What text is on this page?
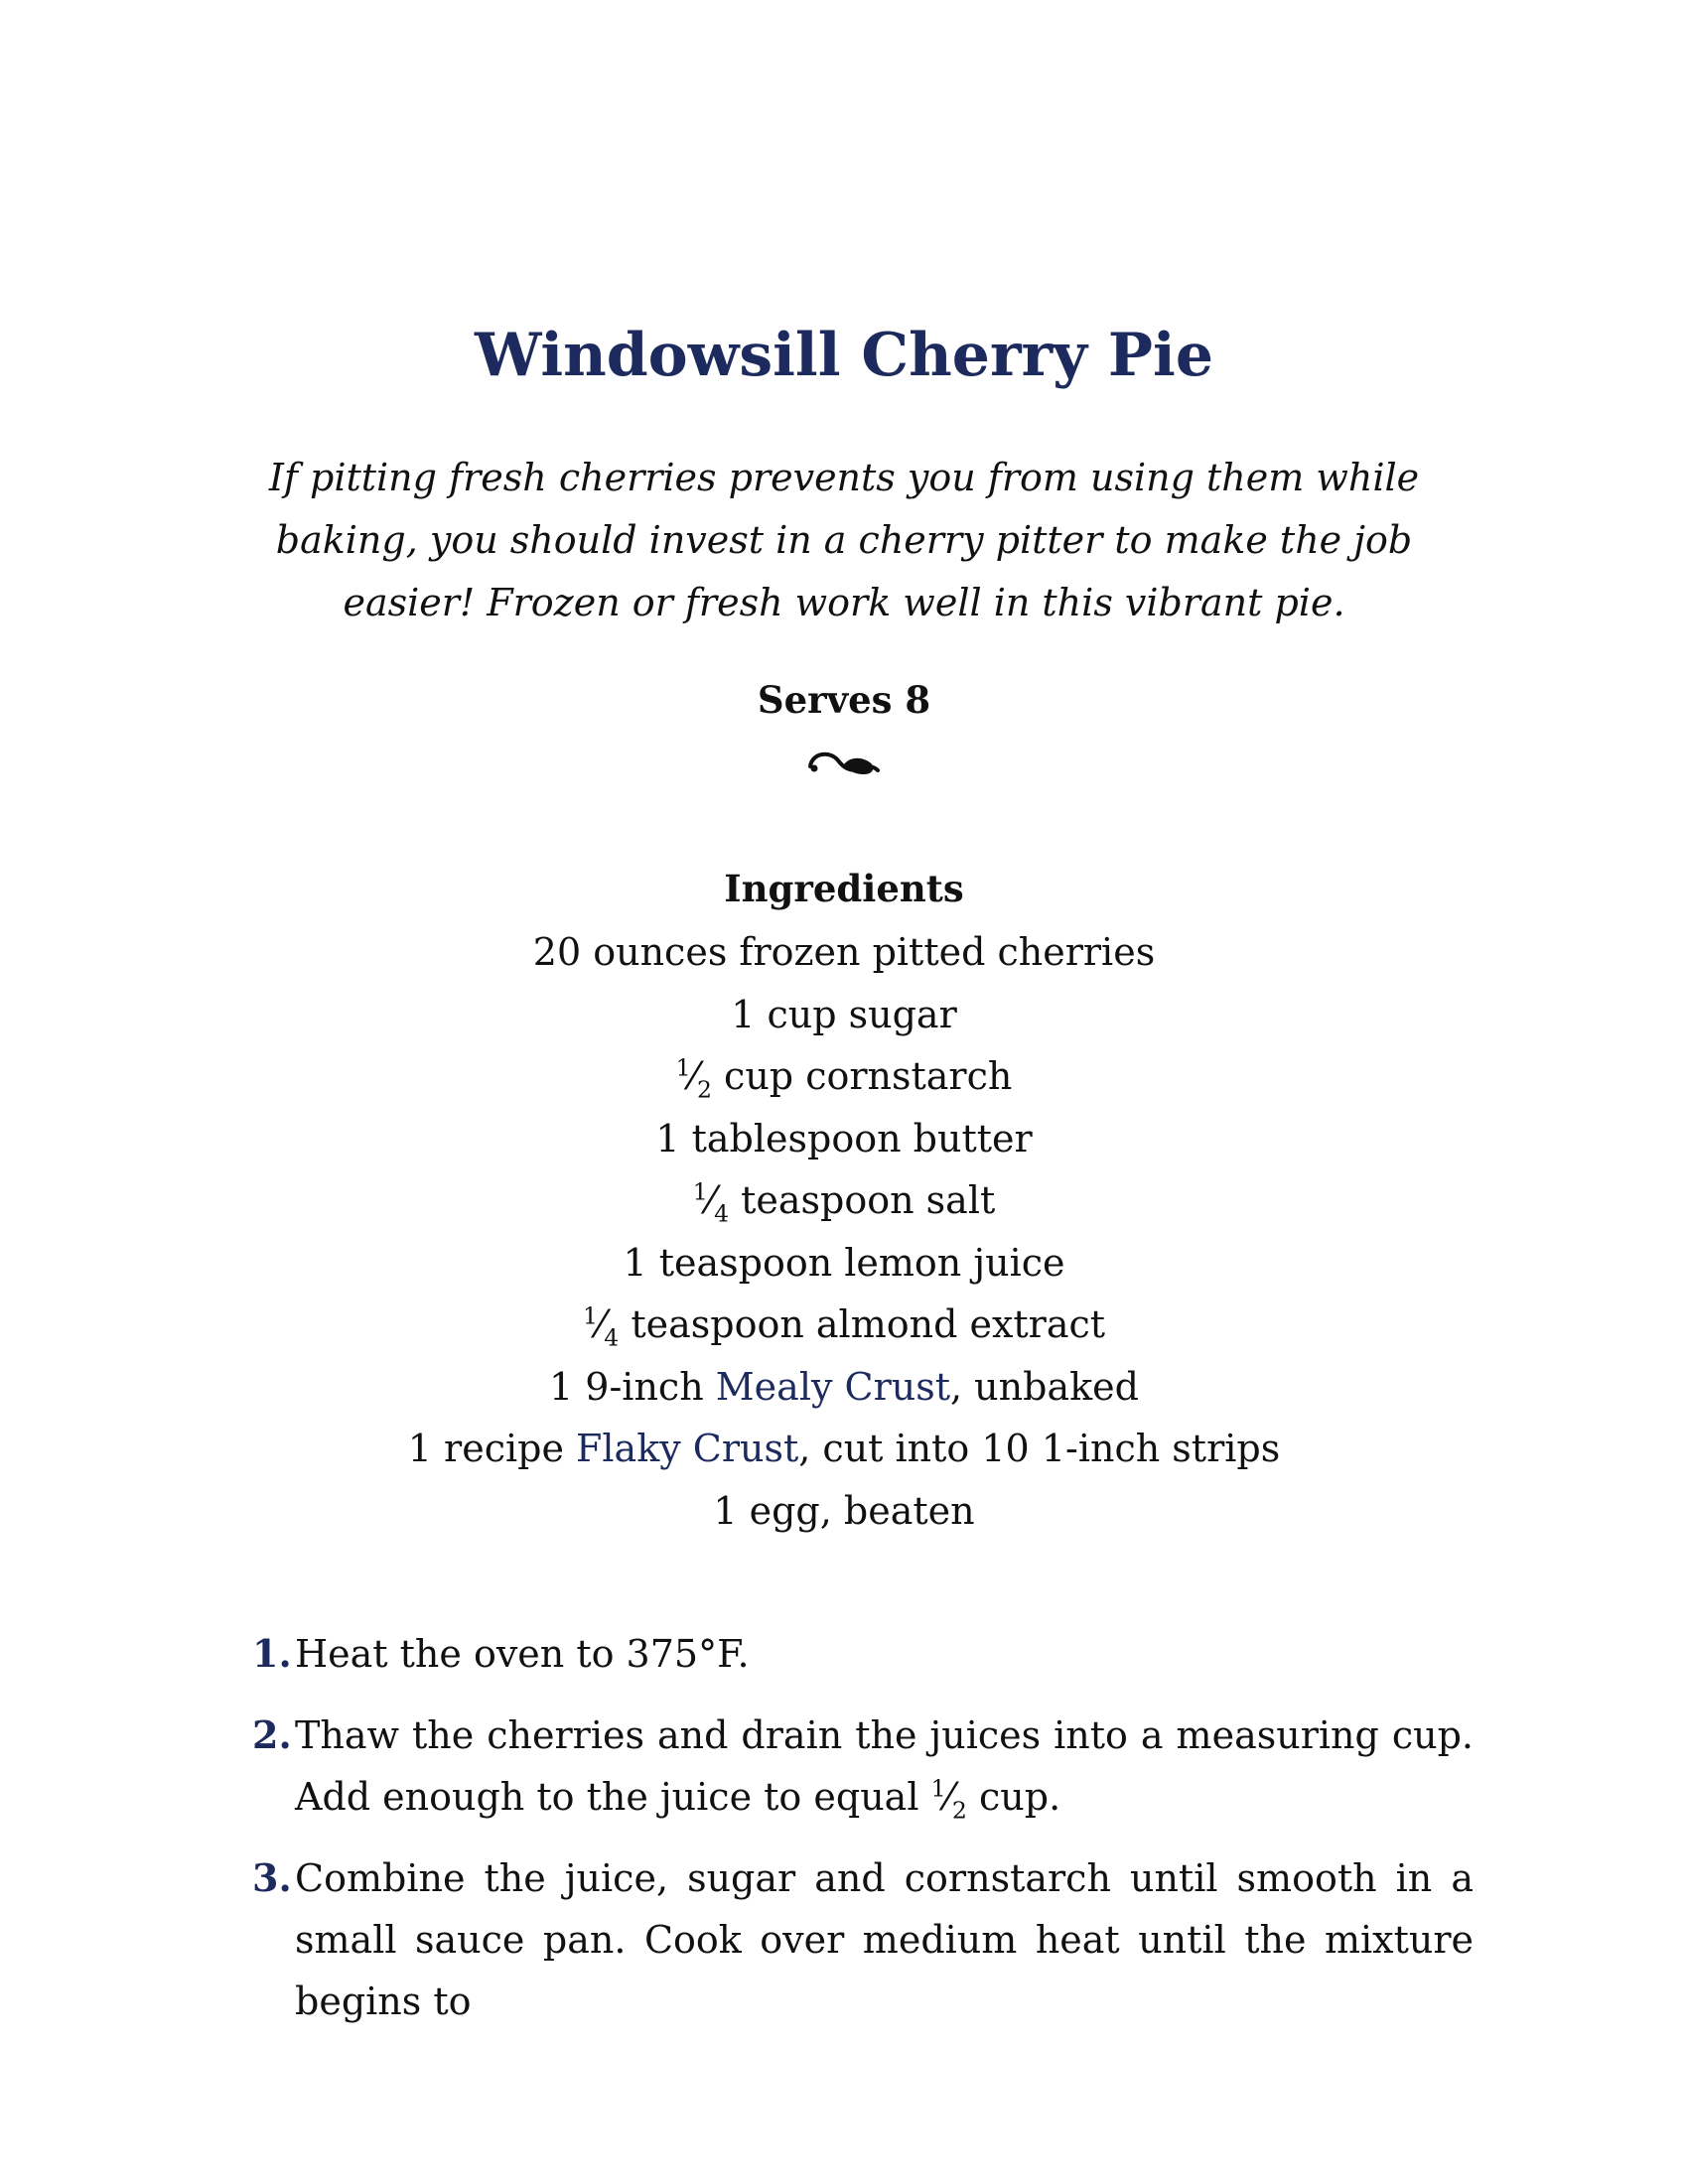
Windowsill Cherry Pie

If pitting fresh cherries prevents you from using them while baking, you should invest in a cherry pitter to make the job easier! Frozen or fresh work well in this vibrant pie.

Serves 8
Ingredients
20 ounces frozen pitted cherries
1 cup sugar
$^1⁄_2$ cup cornstarch
1 tablespoon butter
$^1⁄_4$ teaspoon salt
1 teaspoon lemon juice
$^1⁄_4$ teaspoon almond extract
1 9-inch Mealy Crust, unbaked
1 recipe Flaky Crust, cut into 10 1-inch strips
1 egg, beaten
1. Heat the oven to 375°F.
2. Thaw the cherries and drain the juices into a measuring cup. Add enough to the juice to equal $^1⁄_2$ cup.
3. Combine the juice, sugar and cornstarch until smooth in a small sauce pan. Cook over medium heat until the mixture begins to
